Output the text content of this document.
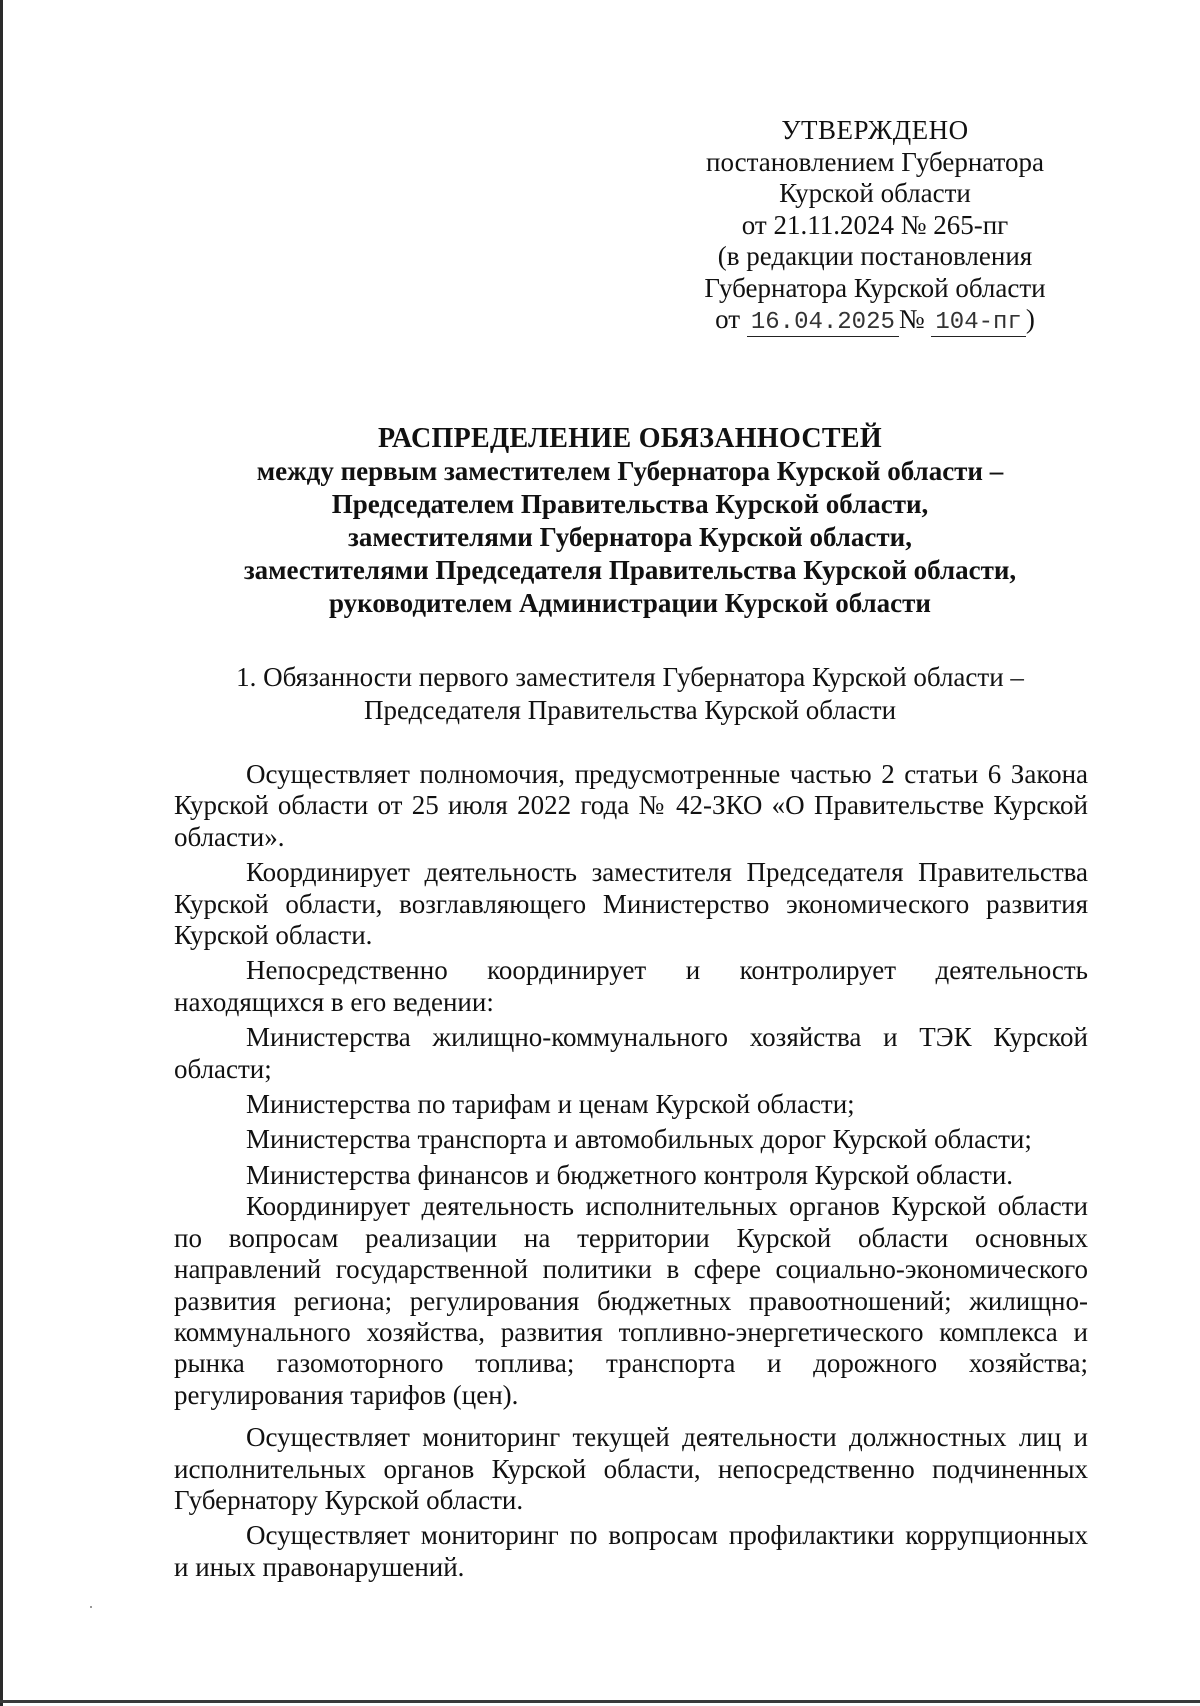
УТВЕРЖДЕНО
постановлением Губернатора
Курской области
от 21.11.2024 № 265-пг
(в редакции постановления
Губернатора Курской области
от 16.04.2025 № 104-пг )
РАСПРЕДЕЛЕНИЕ ОБЯЗАННОСТЕЙ
между первым заместителем Губернатора Курской области –
Председателем Правительства Курской области,
заместителями Губернатора Курской области,
заместителями Председателя Правительства Курской области,
руководителем Администрации Курской области
1. Обязанности первого заместителя Губернатора Курской области –
Председателя Правительства Курской области

Осуществляет полномочия, предусмотренные частью 2 статьи 6 Закона Курской области от 25 июля 2022 года № 42-ЗКО «О Правительстве Курской области».

Координирует деятельность заместителя Председателя Правительства Курской области, возглавляющего Министерство экономического развития Курской области.

Непосредственно координирует и контролирует деятельность находящихся в его ведении:

Министерства жилищно-коммунального хозяйства и ТЭК Курской области;

Министерства по тарифам и ценам Курской области;

Министерства транспорта и автомобильных дорог Курской области;

Министерства финансов и бюджетного контроля Курской области.

Координирует деятельность исполнительных органов Курской области по вопросам реализации на территории Курской области основных направлений государственной политики в сфере социально-экономического развития региона; регулирования бюджетных правоотношений; жилищно-коммунального хозяйства, развития топливно-энергетического комплекса и рынка газомоторного топлива; транспорта и дорожного хозяйства; регулирования тарифов (цен).

Осуществляет мониторинг текущей деятельности должностных лиц и исполнительных органов Курской области, непосредственно подчиненных Губернатору Курской области.

Осуществляет мониторинг по вопросам профилактики коррупционных и иных правонарушений.
